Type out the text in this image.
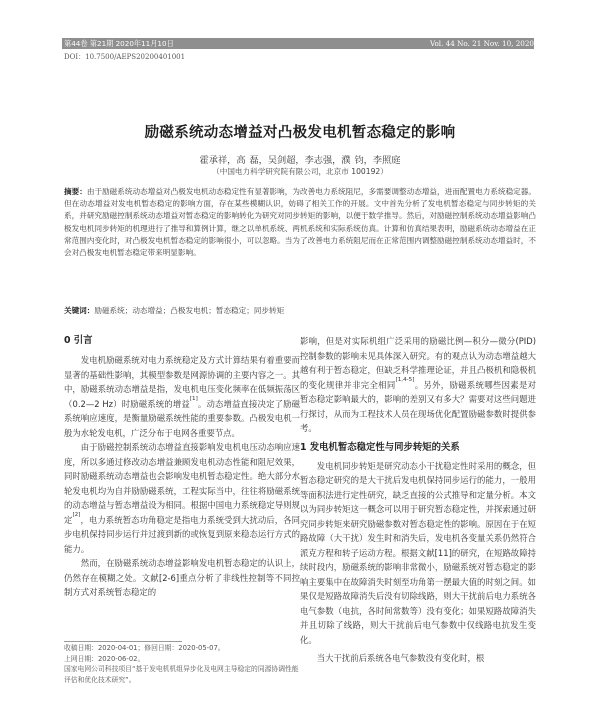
第44卷 第21期 2020年11月10日	Vol. 44 No. 21 Nov. 10, 2020
DOI：10.7500/AEPS20200401001
励磁系统动态增益对凸极发电机暂态稳定的影响
霍承祥，高 磊，吴剑超，李志强，濮 钧，李照庭
（中国电力科学研究院有限公司，北京市 100192）
摘要：由于励磁系统动态增益对凸极发电机动态稳定性有显著影响，为改善电力系统阻尼，多需要调整动态增益，进而配置电力系统稳定器。但在动态增益对发电机暂态稳定的影响方面，存在某些模糊认识，妨碍了相关工作的开展。文中首先分析了发电机暂态稳定与同步转矩的关系，并研究励磁控制系统动态增益对暂态稳定的影响转化为研究对同步转矩的影响，以便于数学推导。然后，对励磁控制系统动态增益影响凸极发电机同步转矩的机理进行了推导和算例计算，继之以单机系统、两机系统和实际系统仿真。计算和仿真结果表明，励磁系统动态增益在正常范围内变化时，对凸极发电机暂态稳定的影响很小，可以忽略。当为了改善电力系统阻尼而在正常范围内调整励磁控制系统动态增益时，不会对凸极发电机暂态稳定带来明显影响。
关键词：励磁系统；动态增益；凸极发电机；暂态稳定；同步转矩
0 引言

发电机励磁系统对电力系统稳定及方式计算结果有着重要而显著的基础性影响，其模型参数是网源协调的主要内容之一。其中，励磁系统动态增益是指，发电机电压变化频率在低频振荡区（0.2—2 Hz）时励磁系统的增益[1]。动态增益直接决定了励磁系统响应速度，是衡量励磁系统性能的重要参数。凸极发电机一般为水轮发电机，广泛分布于电网各重要节点。

由于励磁控制系统动态增益直接影响发电机电压动态响应速度，所以多通过修改动态增益兼顾发电机动态性能和阻尼效果，同时励磁系统动态增益也会影响发电机暂态稳定性。绝大部分水轮发电机均为自并励励磁系统，工程实际当中，往往将励磁系统的动态增益与暂态增益设为相同。根据中国电力系统稳定导则规定[2]，电力系统暂态功角稳定是指电力系统受到大扰动后，各同步电机保持同步运行并过渡到新的或恢复到原来稳态运行方式的能力。

然而，在励磁系统动态增益影响发电机暂态稳定的认识上，仍然存在模糊之处。文献[2-6]重点分析了非线性控制等不同控制方式对系统暂态稳定的

影响，但是对实际机组广泛采用的励磁比例—积分—微分(PID)控制参数的影响未见具体深入研究。有的观点认为动态增益越大越有利于暂态稳定，但缺乏科学推理论证，并且凸极机和隐极机的变化规律并非完全相同[1,4-5]。另外，励磁系统哪些因素是对暂态稳定影响最大的，影响的差别又有多大？需要对这些问题进行探讨，从而为工程技术人员在现场优化配置励磁参数时提供参考。

1 发电机暂态稳定性与同步转矩的关系

发电机同步转矩是研究动态小干扰稳定性时采用的概念，但暂态稳定研究的是大干扰后发电机保持同步运行的能力，一般用等面积法进行定性研究，缺乏直接的公式推导和定量分析。本文以为同步转矩这一概念可以用于研究暂态稳定性，并探索通过研究同步转矩来研究励磁参数对暂态稳定性的影响。原因在于在短路故障（大干扰）发生时和消失后，发电机各变量关系仍然符合派克方程和转子运动方程。根据文献[11]的研究，在短路故障持续时段内，励磁系统的影响非常微小，励磁系统对暂态稳定的影响主要集中在故障消失时刻至功角第一摆最大值的时刻之间。如果仅是短路故障消失后没有切除线路，则大干扰前后电力系统各电气参数（电抗，各时间常数等）没有变化；如果短路故障消失并且切除了线路，则大干扰前后电气参数中仅线路电抗发生变化。

当大干扰前后系统各电气参数没有变化时，根

收稿日期：2020-04-01；修回日期：2020-05-07。
上网日期：2020-06-02。
国家电网公司科技项目“基于发电机机组异步化及电网主导稳定的同源协调性能评估和优化技术研究”。
